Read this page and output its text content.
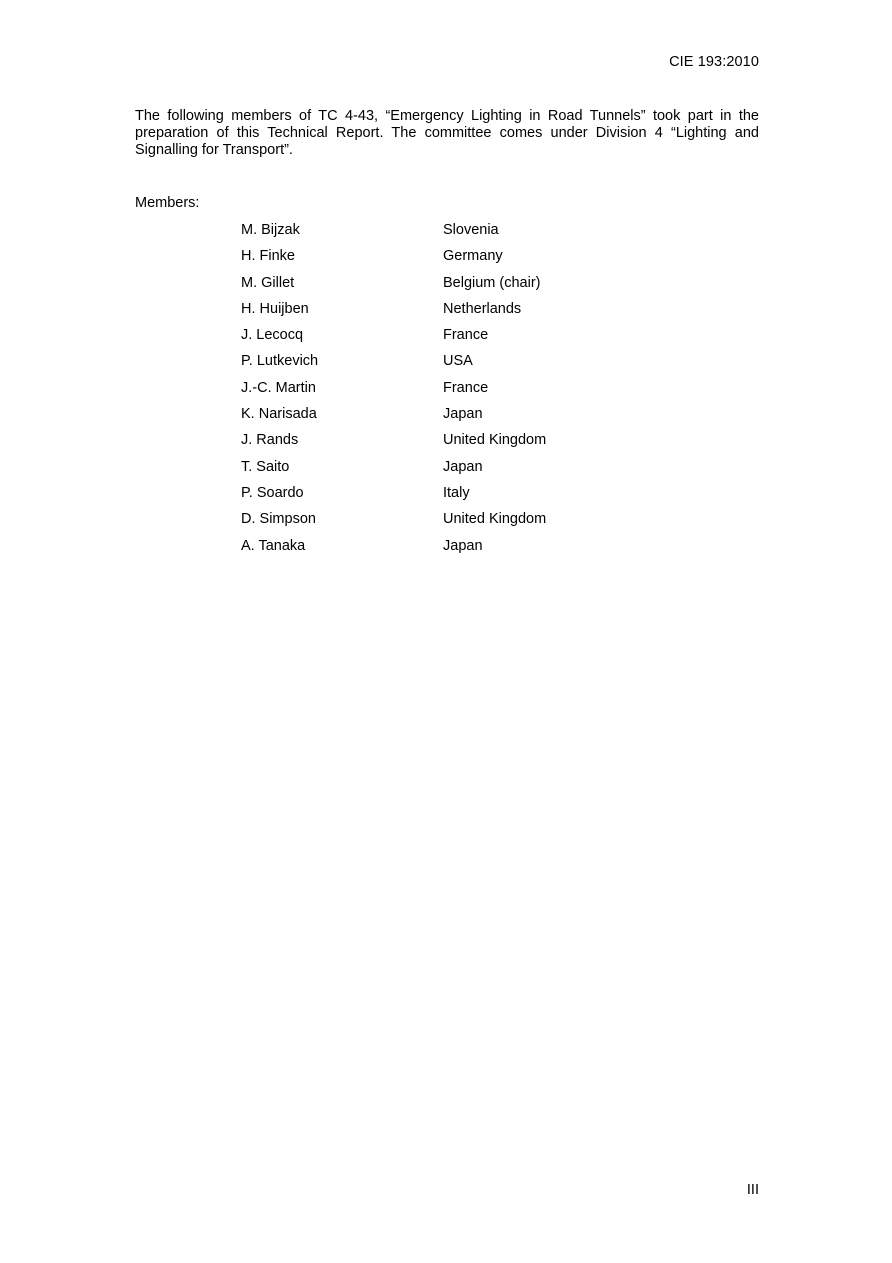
CIE 193:2010

The following members of TC 4-43, “Emergency Lighting in Road Tunnels” took part in the preparation of this Technical Report. The committee comes under Division 4 “Lighting and Signalling for Transport”.

Members:
M. Bijzak	Slovenia
H. Finke	Germany
M. Gillet	Belgium (chair)
H. Huijben	Netherlands
J. Lecocq	France
P. Lutkevich	USA
J.-C. Martin	France
K. Narisada	Japan
J. Rands	United Kingdom
T. Saito	Japan
P. Soardo	Italy
D. Simpson	United Kingdom
A. Tanaka	Japan
III
